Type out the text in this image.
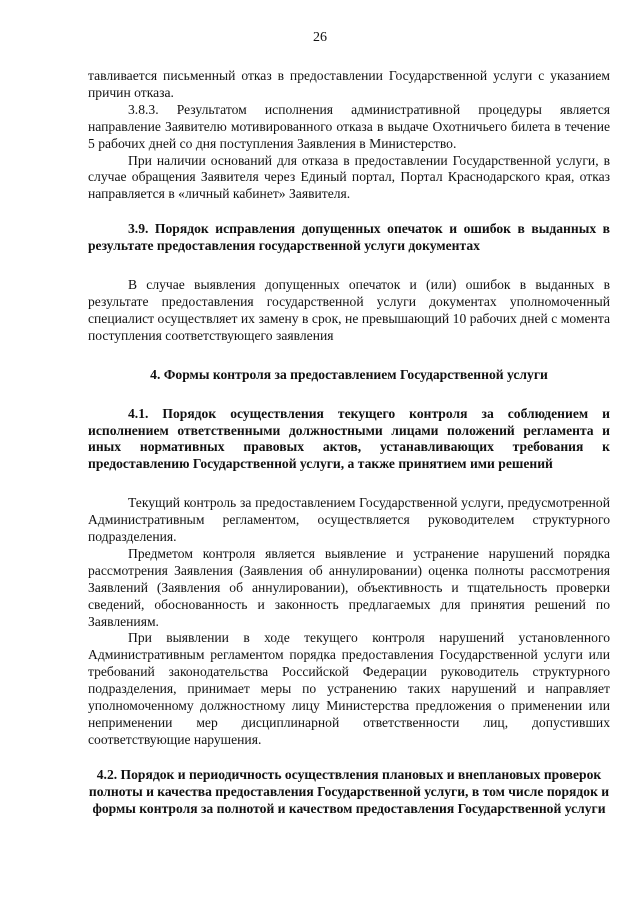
26

тавливается письменный отказ в предоставлении Государственной услуги с указанием причин отказа.

3.8.3. Результатом исполнения административной процедуры является направление Заявителю мотивированного отказа в выдаче Охотничьего билета в течение 5 рабочих дней со дня поступления Заявления в Министерство.

При наличии оснований для отказа в предоставлении Государственной услуги, в случае обращения Заявителя через Единый портал, Портал Краснодарского края, отказ направляется в «личный кабинет» Заявителя.

3.9. Порядок исправления допущенных опечаток и ошибок в выданных в результате предоставления государственной услуги документах

В случае выявления допущенных опечаток и (или) ошибок в выданных в результате предоставления государственной услуги документах уполномоченный специалист осуществляет их замену в срок, не превышающий 10 рабочих дней с момента поступления соответствующего заявления

4. Формы контроля за предоставлением Государственной услуги
4.1. Порядок осуществления текущего контроля за соблюдением и исполнением ответственными должностными лицами положений регламента и иных нормативных правовых актов, устанавливающих требования к предоставлению Государственной услуги, а также принятием ими решений

Текущий контроль за предоставлением Государственной услуги, предусмотренной Административным регламентом, осуществляется руководителем структурного подразделения.

Предметом контроля является выявление и устранение нарушений порядка рассмотрения Заявления (Заявления об аннулировании) оценка полноты рассмотрения Заявлений (Заявления об аннулировании), объективность и тщательность проверки сведений, обоснованность и законность предлагаемых для принятия решений по Заявлениям.

При выявлении в ходе текущего контроля нарушений установленного Административным регламентом порядка предоставления Государственной услуги или требований законодательства Российской Федерации руководитель структурного подразделения, принимает меры по устранению таких нарушений и направляет уполномоченному должностному лицу Министерства предложения о применении или неприменении мер дисциплинарной ответственности лиц, допустивших соответствующие нарушения.

4.2. Порядок и периодичность осуществления плановых и внеплановых проверок полноты и качества предоставления Государственной услуги, в том числе порядок и формы контроля за полнотой и качеством предоставления Государственной услуги
